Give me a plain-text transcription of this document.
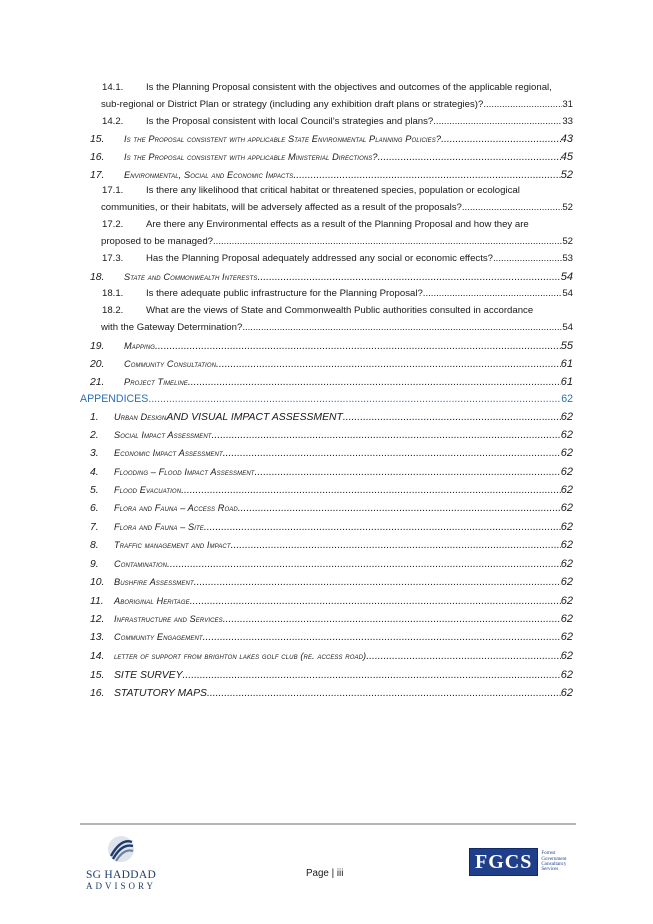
14.1.	Is the Planning Proposal consistent with the objectives and outcomes of the applicable regional,
sub-regional or District Plan or strategy (including any exhibition draft plans or strategies)? .....	31
14.2.	Is the Proposal consistent with local Council’s strategies and plans? .....	33
15.	Is the Proposal consistent with applicable State Environmental Planning Policies? .....	43
16.	Is the Proposal consistent with applicable Ministerial Directions? .....	45
17.	Environmental, Social and Economic Impacts .....	52
17.1.	Is there any likelihood that critical habitat or threatened species, population or ecological
communities, or their habitats, will be adversely affected as a result of the proposals? .....	52
17.2.	Are there any Environmental effects as a result of the Planning Proposal and how they are
proposed to be managed? .....	52
17.3.	Has the Planning Proposal adequately addressed any social or economic effects? .....	53
18.	State and Commonwealth Interests .....	54
18.1.	Is there adequate public infrastructure for the Planning Proposal? .....	54
18.2.	What are the views of State and Commonwealth Public authorities consulted in accordance
with the Gateway Determination? .....	54
19.	Mapping .....	55
20.	Community Consultation .....	61
21.	Project Timeline .....	61
APPENDICES .....	62
1.	Urban Design AND VISUAL IMPACT ASSESSMENT .....	62
2.	Social Impact Assessment .....	62
3.	Economic Impact Assessment .....	62
4.	Flooding – Flood Impact Assessment .....	62
5.	Flood Evacuation .....	62
6.	Flora and Fauna – Access Road .....	62
7.	Flora and Fauna – Site .....	62
8.	Traffic management and Impact .....	62
9.	Contamination .....	62
10.	Bushfire Assessment .....	62
11.	Aboriginal Heritage .....	62
12.	Infrastructure and Services .....	62
13.	Community Engagement .....	62
14.	letter of support from brighton lakes golf club (re. access road) .....	62
15. SITE SURVEY .....	62
16. STATUTORY MAPS .....	62
SG HADDAD
ADVISORY
Page | iii
FGCS	Forrest
Government
Consultancy
Services
